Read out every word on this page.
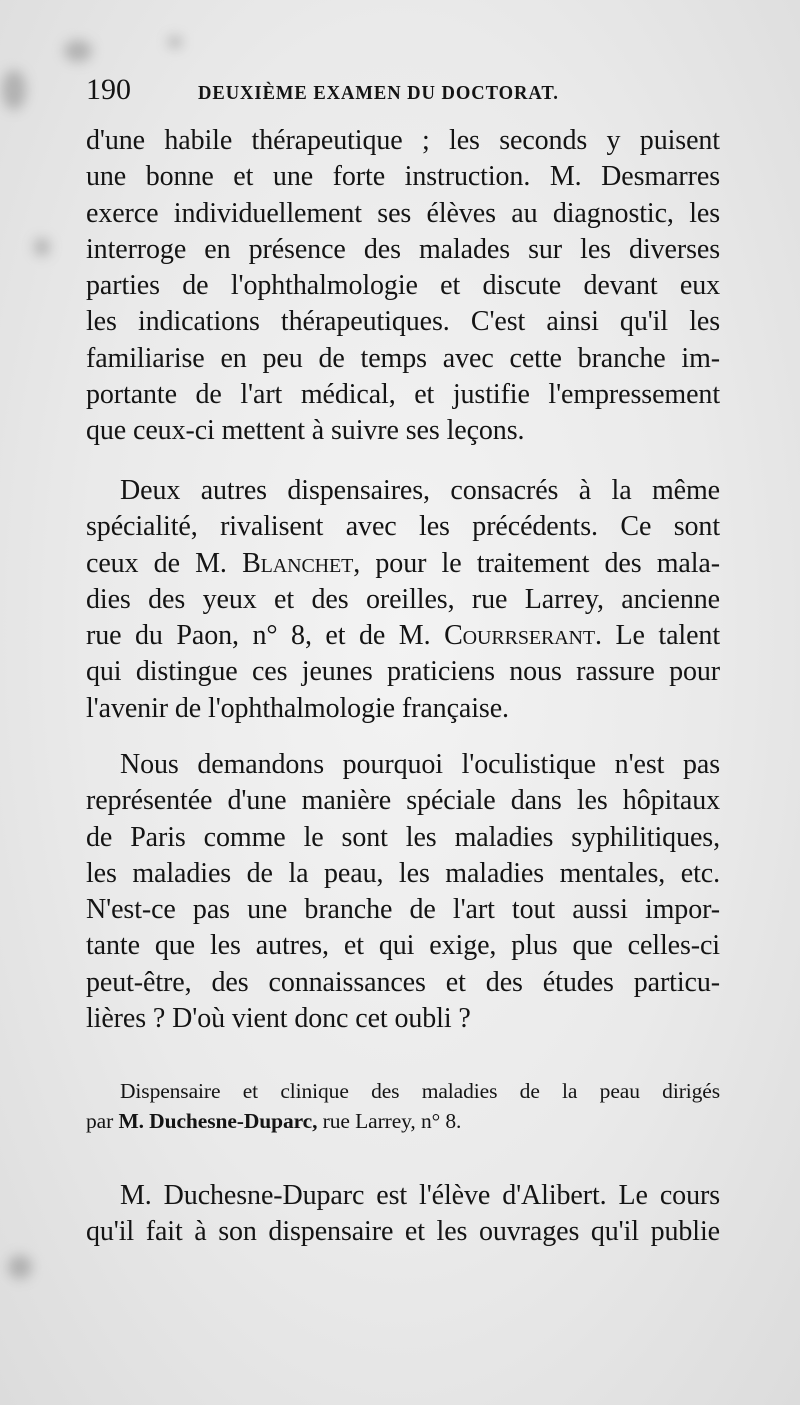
190	DEUXIÈME EXAMEN DU DOCTORAT.
d'une habile thérapeutique ; les seconds y puisent
une bonne et une forte instruction. M. Desmarres
exerce individuellement ses élèves au diagnostic, les
interroge en présence des malades sur les diverses
parties de l'ophthalmologie et discute devant eux
les indications thérapeutiques. C'est ainsi qu'il les
familiarise en peu de temps avec cette branche im-
portante de l'art médical, et justifie l'empressement
que ceux-ci mettent à suivre ses leçons.
Deux autres dispensaires, consacrés à la même
spécialité, rivalisent avec les précédents. Ce sont
ceux de M. Blanchet, pour le traitement des mala-
dies des yeux et des oreilles, rue Larrey, ancienne
rue du Paon, n° 8, et de M. Courrserant. Le talent
qui distingue ces jeunes praticiens nous rassure pour
l'avenir de l'ophthalmologie française.
Nous demandons pourquoi l'oculistique n'est pas
représentée d'une manière spéciale dans les hôpitaux
de Paris comme le sont les maladies syphilitiques,
les maladies de la peau, les maladies mentales, etc.
N'est-ce pas une branche de l'art tout aussi impor-
tante que les autres, et qui exige, plus que celles-ci
peut-être, des connaissances et des études particu-
lières ? D'où vient donc cet oubli ?
Dispensaire et clinique des maladies de la peau dirigés
par M. Duchesne-Duparc, rue Larrey, n° 8.
M. Duchesne-Duparc est l'élève d'Alibert. Le cours
qu'il fait à son dispensaire et les ouvrages qu'il publie
